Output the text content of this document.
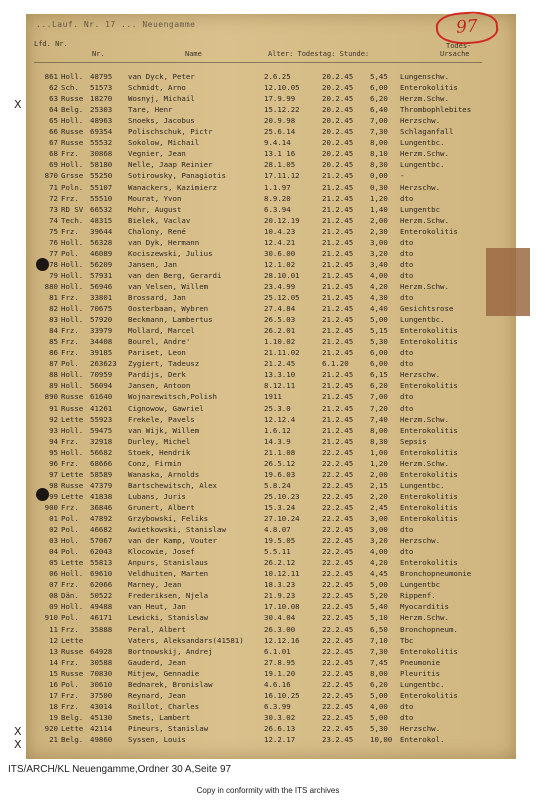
...Lauf. Nr. 17 ... Neuengamme	97
Lfd. Nr.
Nr.	Name	Alter: Todestag: Stunde:
Todes-
Ursache
X
X
X
861 Holl. 48795	van Dyck, Peter	2.6.25	20.2.45	5,45	Lungenschw.
62 Sch.	51573	Schmidt, Arno	12.10.05	20.2.45	6,00	Enterokolitis
63 Russe 18270	Wosnyj, Michail	17.9.99	20.2.45	6,20	Herzm.Schw.
64 Belg. 25303	Tare, Henr	15.12.22	20.2.45	6,40	Thrombophlebites
65 Holl. 48963	Snoeks, Jacobus	20.9.98	20.2.45	7,00	Herzschw.
66 Russe 69354	Polischschuk, Pictr	25.6.14	20.2.45	7,30	Schlaganfall
67 Russe 55532	Sokolow, Michail	9.4.14	20.2.45	8,00	Lungentbc.
68 Frz.	30868	Vegnier, Jean	13.1 16	20.2.45	8,10	Herzm.Schw.
69 Holl. 58180	Nelle, Jaap Reinier	28.1.05	20.2.45	8,30	Lungentbc.
870 Grsse 55250	Sotirowsky, Panagiotis	17.11.12	21.2.45	0,00	-
71 Poln. 55107	Wanackers, Kazimierz	1.1.97	21.2.45	0,30	Herzschw.
72 Frz.	55510	Mourat, Yvon	8.9.20	21.2.45	1,20	dto
73 RD SV 66532	Mohr, August	6.3.94	21.2.45	1,40	Lungentbc
74 Tech. 48315	Bielek, Vaclav	20.12.19	21.2.45	2,00	Herzm.Schw.
75 Frz.	39644	Chalony, René	10.4.23	21.2.45	2,30	Enterokolitis
76 Holl. 56328	van Dyk, Hermann	12.4.21	21.2.45	3,00	dto
77 Pol.	46089	Kociszewski, Julius	30.6.00	21.2.45	3,20	dto
78 Holl. 56209	Jansen, Jan	12.1.02	21.2.45	3,40	dto
79 Holl. 57931	van den Berg, Gerardi	28.10.01	21.2.45	4,00	dto
880 Holl. 56946	van Velsen, Willem	23.4.99	21.2.45	4,20	Herzm.Schw.
81 Frz.	33801	Brossard, Jan	25.12.05	21.2.45	4,30	dto
82 Holl. 70675	Oosterbaan, Wybren	27.4.84	21.2.45	4,40	Gesichtsrose
83 Holl. 57920	Beckmann, Lambertus	26.5.03	21.2.45	5,00	Lungentbc.
84 Frz.	33979	Mollard, Marcel	26.2.01	21.2.45	5,15	Enterokolitis
85 Frz.	34408	Bourel, Andre'	1.10.02	21.2.45	5,30	Enterokolitis
86 Frz.	39185	Pariset, Leon	21.11.02	21.2.45	6,00	dto
87 Pol.	263623	Zygiert, Tadeusz	21.2.45	6.1.20	6,00	dto
88 Holl. 70959	Pardijs, Derk	13.3.10	21.2.45	6,15	Herzschw.
89 Holl. 56094	Jansen, Antoon	8.12.11	21.2.45	6,20	Enterokolitis
890 Russe 61640	Wojnarewitsch,Polish	1911	21.2.45	7,00	dto
91 Russe 41261	Cignowow, Gawriel	25.3.0	21.2.45	7,20	dto
92 Lette 55923	Frekele, Pavels	12.12.4	21.2.45	7,40	Herzm.Schw.
93 Holl. 59475	van Wijk, Willem	1.6.12	21.2.45	8,00	Enterokolitis
94 Frz.	32918	Durley, Michel	14.3.9	21.2.45	8,30	Sepsis
95 Holl. 56682	Stoek, Hendrik	21.1.08	22.2.45	1,00	Enterokolitis
96 Frz.	68666	Conz, Firmin	26.5.12	22.2.45	1,20	Herzm.Schw.
97 Lette 58589	Wanaska, Arnolds	19.6.03	22.2.45	2,00	Enterokolitis
98 Russe 47379	Bartschewitsch, Alex	5.8.24	22.2.45	2,15	Lungentbc.
99 Lette 41838	Lubans, Juris	25.10.23	22.2.45	2,20	Enterokolitis
900 Frz.	36846	Grunert, Albert	15.3.24	22.2.45	2,45	Enterokolitis
01 Pol.	47892	Grzybowski, Feliks	27.10.24	22.2.45	3,00	Enterokolitis
02 Pol.	46682	Awietkowski, Stanislaw	4.8.07	22.2.45	3,00	dto
03 Hol.	57067	van der Kamp, Vouter	19.5.05	22.2.45	3,20	Herzschw.
04 Pol.	62043	Klocowie, Josef	5.5.11	22.2.45	4,00	dto
05 Lette 55813	Anpurs, Stanislaus	26.2.12	22.2.45	4,20	Enterokolitis
06 Holl. 69610	Veldhuiten, Marten	10.12.11	22.2.45	4,45	Bronchopneumonie
07 Frz.	62066	Marney, Jean	18.3.23	22.2.45	5,00	Lungentbc
08 Dän.	50522	Frederiksen, Njela	21.9.23	22.2.45	5,20	Rippenf.
09 Holl. 49488	van Heut, Jan	17.10.08	22.2.45	5,40	Myocarditis
910 Pol.	46171	Lewicki, Stanislaw	30.4.04	22.2.45	5,10	Herzm.Schw.
11 Frz.	35888	Peral, Albert	26.3.00	22.2.45	6,50	Bronchopneum.
12 Lette	Vaters, Aleksandars(41581)	12.12.16	22.2.45	7,10	Tbc
13 Russe 64928	Bortnowskij, Andrej	6.1.01	22.2.45	7,30	Enterokolitis
14 Frz.	30588	Gauderd, Jean	27.8.95	22.2.45	7,45	Pneumonie
15 Russe 70830	Mitjew, Gennadie	19.1.20	22.2.45	8,00	Pleuritis
16 Pol.	30610	Bednarek, Bronislaw	4.6.16	22.2.45	6,20	Lungentbc.
17 Frz.	37500	Reynard, Jean	16.10.25	22.2.45	5,00	Enterokolitis
18 Frz.	43014	Roillot, Charles	6.3.99	22.2.45	4,00	dto
19 Belg. 45130	Smets, Lambert	30.3.02	22.2.45	5,00	dto
920 Lette 42114	Pineurs, Stanislaw	26.6.13	22.2.45	5,30	Herzschw.
21 Belg. 49860	Syssen, Louis	12.2.17	23.2.45	10,00	Enterokol.
ITS/ARCH/KL Neuengamme,Ordner 30 A,Seite 97
Copy in conformity with the ITS archives
